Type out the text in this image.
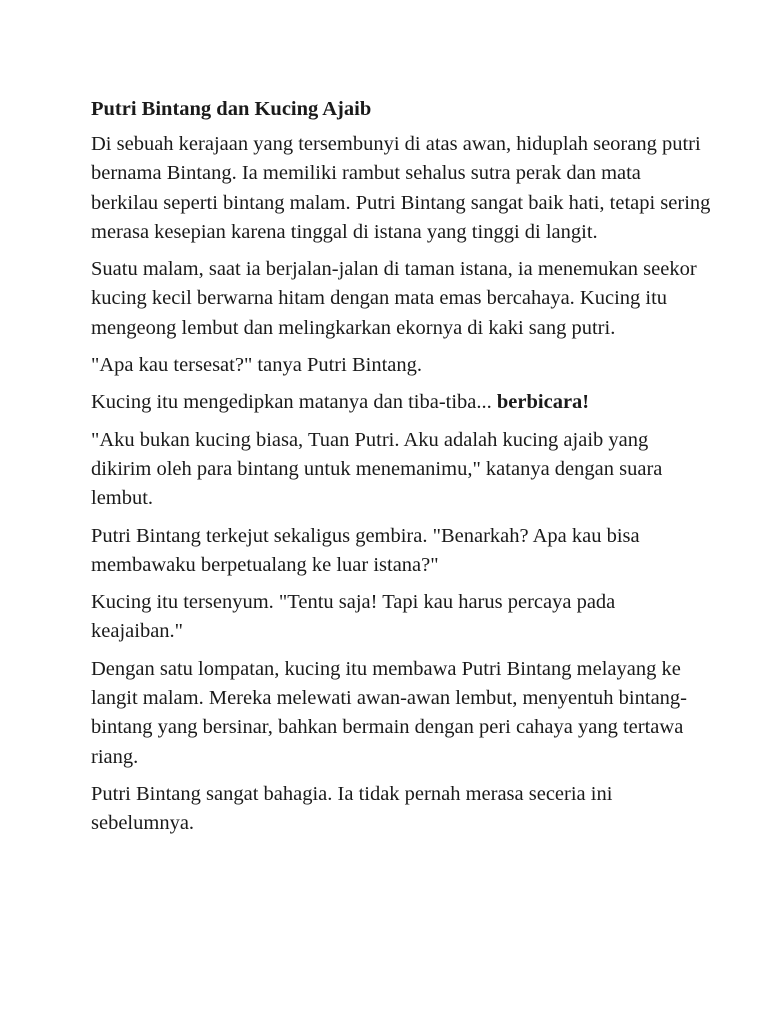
Putri Bintang dan Kucing Ajaib

Di sebuah kerajaan yang tersembunyi di atas awan, hiduplah seorang putri bernama Bintang. Ia memiliki rambut sehalus sutra perak dan mata berkilau seperti bintang malam. Putri Bintang sangat baik hati, tetapi sering merasa kesepian karena tinggal di istana yang tinggi di langit.

Suatu malam, saat ia berjalan-jalan di taman istana, ia menemukan seekor kucing kecil berwarna hitam dengan mata emas bercahaya. Kucing itu mengeong lembut dan melingkarkan ekornya di kaki sang putri.

"Apa kau tersesat?" tanya Putri Bintang.

Kucing itu mengedipkan matanya dan tiba-tiba... berbicara!

"Aku bukan kucing biasa, Tuan Putri. Aku adalah kucing ajaib yang dikirim oleh para bintang untuk menemanimu," katanya dengan suara lembut.

Putri Bintang terkejut sekaligus gembira. "Benarkah? Apa kau bisa membawaku berpetualang ke luar istana?"

Kucing itu tersenyum. "Tentu saja! Tapi kau harus percaya pada keajaiban."

Dengan satu lompatan, kucing itu membawa Putri Bintang melayang ke langit malam. Mereka melewati awan-awan lembut, menyentuh bintang-bintang yang bersinar, bahkan bermain dengan peri cahaya yang tertawa riang.

Putri Bintang sangat bahagia. Ia tidak pernah merasa seceria ini sebelumnya.
